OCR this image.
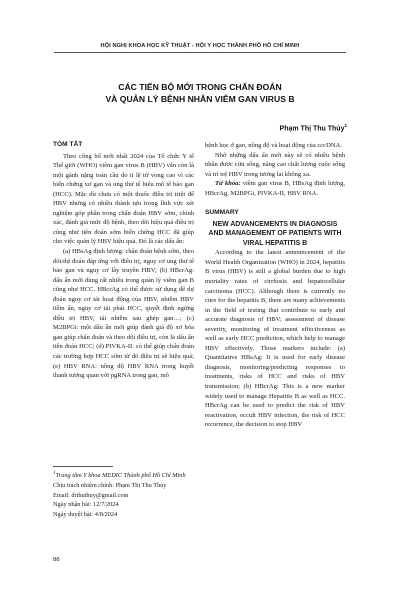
HỘI NGHỊ KHOA HỌC KỸ THUẬT - HỘI Y HỌC THÀNH PHỐ HỒ CHÍ MINH
CÁC TIẾN BỘ MỚI TRONG CHẨN ĐOÁN
VÀ QUẢN LÝ BỆNH NHÂN VIÊM GAN VIRUS B
Phạm Thị Thu Thủy$^1$
TÓM TẮT

Theo công bố mới nhất 2024 của Tổ chức Y tế Thế giới (WHO) viêm gan virus B (HBV) vẫn còn là một gánh nặng toàn cầu do tỉ lệ tử vong cao vì các biến chứng xơ gan và ung thư tế biểu mô tế bào gan (HCC). Mặc dù chưa có một thuốc điều trị triệt để HBV nhưng có nhiều thành tựu trong lĩnh vực xét nghiệm góp phần trong chẩn đoán HBV sớm, chính xác, đánh giá mức độ bệnh, theo dõi hiệu quả điều trị cũng như tiên đoán sớm biến chứng HCC đã giúp cho việc quản lý HBV hiệu quả. Đó là các dấu ấn:

(a) HBsAg định lượng: chẩn đoán bệnh sớm, theo dõi/dự đoán đáp ứng với điều trị, nguy cơ ung thư tế bào gan và nguy cơ lây truyền HBV; (b) HBcrAg: dấu ấn mới dùng rất nhiều trong quản lý viêm gan B cũng như HCC. HBcrAg có thể được sử dụng để dự đoán nguy cơ tái hoạt động của HBV, nhiễm HBV tiềm ẩn, nguy cơ tái phát HCC, quyết định ngừng điều trị HBV, tái nhiễm sau ghép gan…; (c) M2BPGi: một dấu ấn mới giúp đánh giá độ xơ hóa gan giúp chẩn đoán và theo dõi điều trị, còn là dấu ấn tiên đoán HCC; (d) PIVKA-II: có thể giúp chẩn đoán các trường hợp HCC sớm từ đó điều trị sẽ hiệu quả; (e) HBV RNA: nồng độ HBV RNA trong huyết thanh tương quan với pgRNA trong gan, mô

$^1$Trung tâm Y khoa MEDIC Thành phố Hồ Chí Minh
Chịu trách nhiệm chính: Phạm Thị Thu Thủy
Email: drthuthuy@gmail.com
Ngày nhận bài: 12/7/2024
Ngày duyệt bài: 4/8/2024

bệnh học ở gan, nồng độ và hoạt động của cccDNA.

Nhờ những dấu ấn mới này sẽ có nhiều bệnh nhân được cứu sống, nâng cao chất lượng cuộc sống và trì trệ HBV trong tương lai không xa.

Từ khóa: viêm gan virus B, HBsAg định lượng, HBcrAg, M2BPGi, PIVKA-II, HBV RNA.

SUMMARY

NEW ADVANCEMENTS IN DIAGNOSIS AND MANAGEMENT OF PATIENTS WITH VIRAL HEPATITIS B

According to the latest announcement of the World Health Organization (WHO) in 2024, hepatitis B virus (HBV) is still a global burden due to high mortality rates of cirrhosis and hepatocellular carcinoma (HCC). Although there is currently no cure for the hepatitis B, there are many achievements in the field of testing that contribute to early and accurate diagnosis of HBV; assessment of disease severity, monitoring of treatment effectiveness as well as early HCC prediction, which help to manage HBV effectively. Those markers include: (a) Quantitative HBsAg: It is used for early disease diagnosis, monitoring/predicting responses to treatments, risks of HCC and risks of HBV transmission; (b) HBcrAg: This is a new marker widely used to manage Hepatitis B as well as HCC. HBcrAg can be used to predict the risk of HBV reactivation, occult HBV infection, the risk of HCC recurrence, the decision to stop HBV

88
